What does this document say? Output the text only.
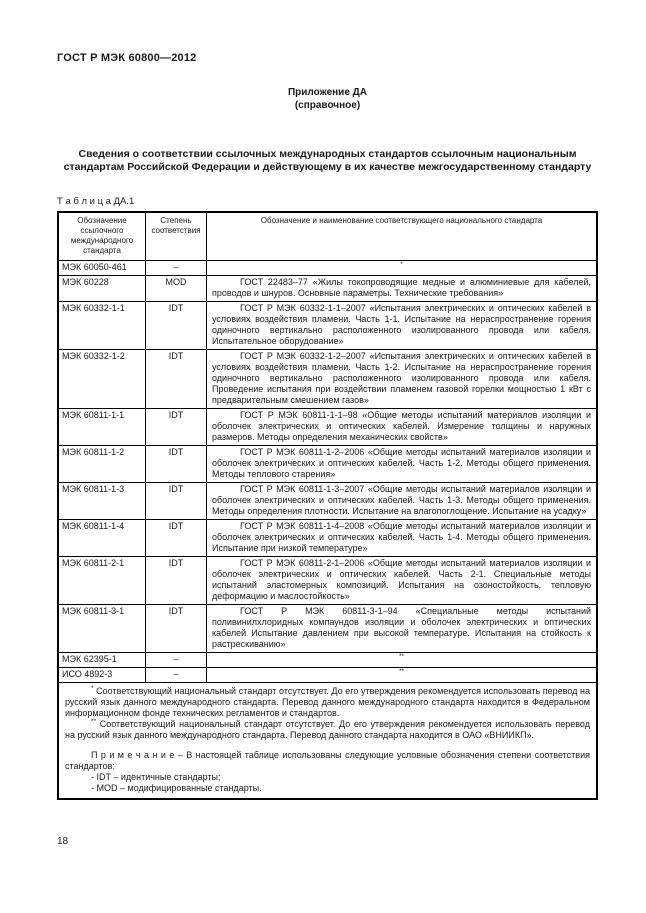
ГОСТ Р МЭК 60800—2012
Приложение ДА
(справочное)
Сведения о соответствии ссылочных международных стандартов ссылочным национальным стандартам Российской Федерации и действующему в их качестве межгосударственному стандарту
Т а б л и ц а ДА.1
Обозначение ссылочного международного стандарта	Степень соответствия	Обозначение и наименование соответствующего национального стандарта
МЭК 60050-461	–	*
МЭК 60228	MOD	ГОСТ 22483–77 «Жилы токопроводящие медные и алюминиевые для кабелей, проводов и шнуров. Основные параметры. Технические требования»
МЭК 60332-1-1	IDT	ГОСТ Р МЭК 60332-1-1–2007 «Испытания электрических и оптических кабелей в условиях воздействия пламени. Часть 1-1. Испытание на нераспространение горения одиночного вертикально расположенного изолированного провода или кабеля. Испытательное оборудование»
МЭК 60332-1-2	IDT	ГОСТ Р МЭК 60332-1-2–2007 «Испытания электрических и оптических кабелей в условиях воздействия пламени. Часть 1-2. Испытание на нераспространение горения одиночного вертикально расположенного изолированного провода или кабеля. Проведение испытания при воздействии пламенем газовой горелки мощностью 1 кВт с предварительным смешением газов»
МЭК 60811-1-1	IDT	ГОСТ Р МЭК 60811-1-1–98 «Общие методы испытаний материалов изоляции и оболочек электрических и оптических кабелей. Измерение толщины и наружных размеров. Методы определения механических свойств»
МЭК 60811-1-2	IDT	ГОСТ Р МЭК 60811-1-2–2006 «Общие методы испытаний материалов изоляции и оболочек электрических и оптических кабелей. Часть 1-2. Методы общего применения. Методы теплового старения»
МЭК 60811-1-3	IDT	ГОСТ Р МЭК 60811-1-3–2007 «Общие методы испытаний материалов изоляции и оболочек электрических и оптических кабелей. Часть 1-3. Методы общего применения. Методы определения плотности. Испытание на влагопоглощение. Испытание на усадку»
МЭК 60811-1-4	IDT	ГОСТ Р МЭК 60811-1-4–2008 «Общие методы испытаний материалов изоляции и оболочек электрических и оптических кабелей. Часть 1-4. Методы общего применения. Испытание при низкой температуре»
МЭК 60811-2-1	IDT	ГОСТ Р МЭК 60811-2-1–2006 «Общие методы испытаний материалов изоляции и оболочек электрических и оптических кабелей. Часть 2-1. Специальные методы испытаний эластомерных композиций. Испытания на озоностойкость, тепловую деформацию и маслостойкость»
МЭК 60811-3-1	IDT	ГОСТ Р МЭК 60811-3-1–94 «Специальные методы испытаний поливинилхлоридных компаундов изоляции и оболочек электрических и оптических кабелей Испытание давлением при высокой температуре. Испытания на стойкость к растрескиванию»
МЭК 62395-1	–	**
ИСО 4892-3	–	**

* Соответствующий национальный стандарт отсутствует. До его утверждения рекомендуется использовать перевод на русский язык данного международного стандарта. Перевод данного международного стандарта находится в Федеральном информационном фонде технических регламентов и стандартов.

** Соответствующий национальный стандарт отсутствует. До его утверждения рекомендуется использовать перевод на русский язык данного международного стандарта. Перевод данного стандарта находится в ОАО «ВНИИКП».

П р и м е ч а н и е – В настоящей таблице использованы следующие условные обозначения степени соответствия стандартов:

- IDT – идентичные стандарты;

- MOD – модифицированные стандарты.		

18
